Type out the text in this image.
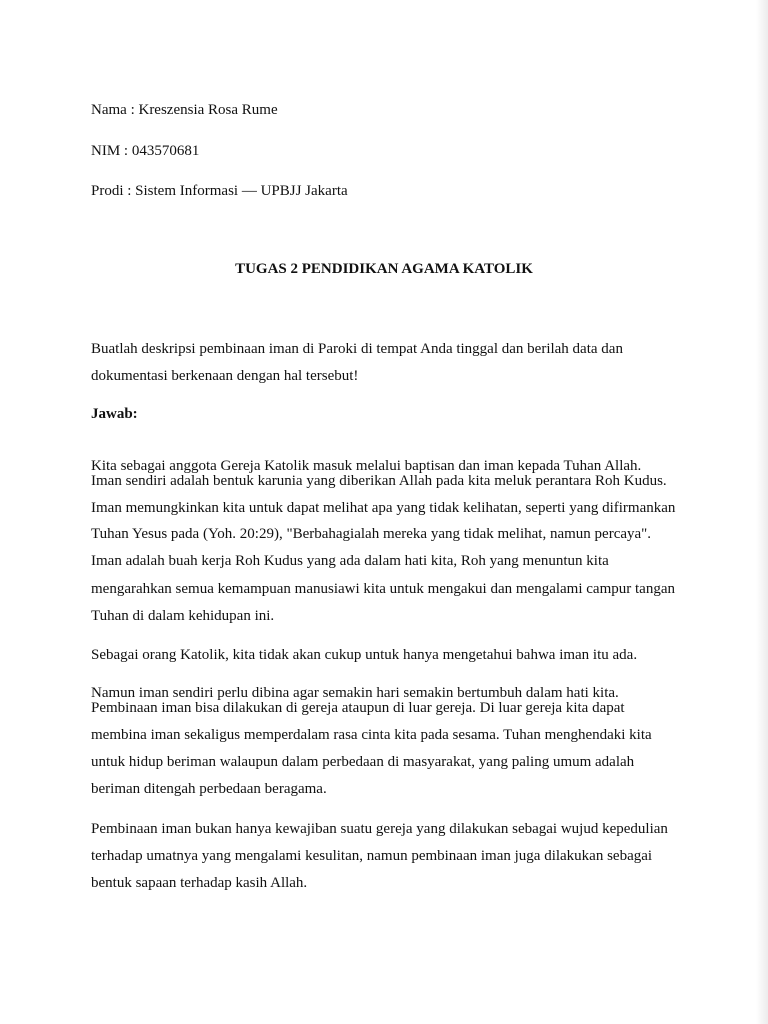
Nama : Kreszensia Rosa Rume
NIM : 043570681
Prodi : Sistem Informasi — UPBJJ Jakarta
TUGAS 2 PENDIDIKAN AGAMA KATOLIK
Buatlah deskripsi pembinaan iman di Paroki di tempat Anda tinggal dan berilah data dan
dokumentasi berkenaan dengan hal tersebut!
Jawab:
Kita sebagai anggota Gereja Katolik masuk melalui baptisan dan iman kepada Tuhan Allah.
Iman sendiri adalah bentuk karunia yang diberikan Allah pada kita meluk perantara Roh Kudus.
Iman memungkinkan kita untuk dapat melihat apa yang tidak kelihatan, seperti yang difirmankan
Tuhan Yesus pada (Yoh. 20:29), "Berbahagialah mereka yang tidak melihat, namun percaya".
Iman adalah buah kerja Roh Kudus yang ada dalam hati kita, Roh yang menuntun kita
mengarahkan semua kemampuan manusiawi kita untuk mengakui dan mengalami campur tangan
Tuhan di dalam kehidupan ini.
Sebagai orang Katolik, kita tidak akan cukup untuk hanya mengetahui bahwa iman itu ada.
Namun iman sendiri perlu dibina agar semakin hari semakin bertumbuh dalam hati kita.
Pembinaan iman bisa dilakukan di gereja ataupun di luar gereja. Di luar gereja kita dapat
membina iman sekaligus memperdalam rasa cinta kita pada sesama. Tuhan menghendaki kita
untuk hidup beriman walaupun dalam perbedaan di masyarakat, yang paling umum adalah
beriman ditengah perbedaan beragama.
Pembinaan iman bukan hanya kewajiban suatu gereja yang dilakukan sebagai wujud kepedulian
terhadap umatnya yang mengalami kesulitan, namun pembinaan iman juga dilakukan sebagai
bentuk sapaan terhadap kasih Allah.
